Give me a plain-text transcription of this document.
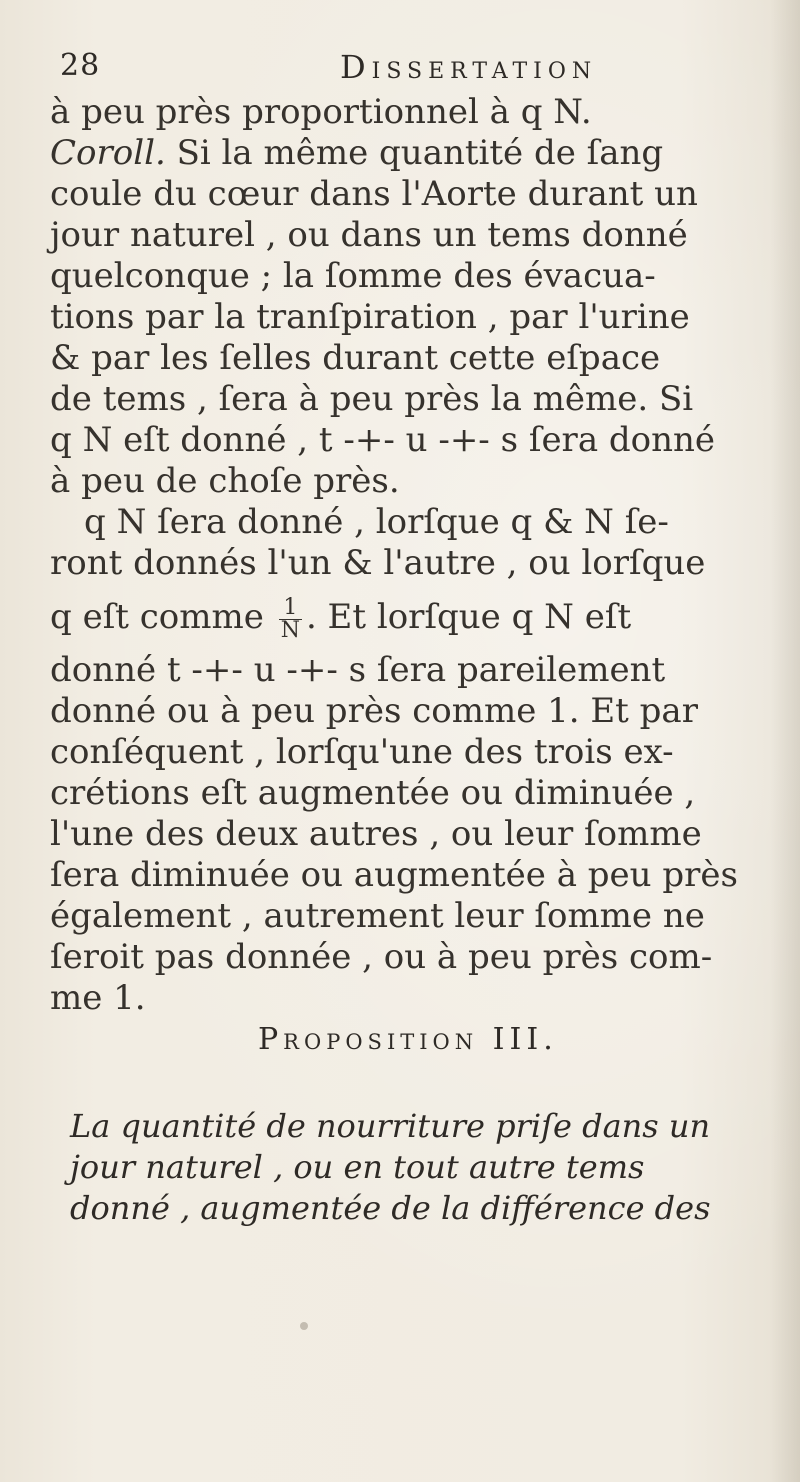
28	Dissertation
à peu près proportionnel à q N.
Coroll. Si la même quantité de ſang
coule du cœur dans l'Aorte durant un
jour naturel , ou dans un tems donné
quelconque ; la ſomme des évacua-
tions par la tranſpiration , par l'urine
& par les ſelles durant cette eſpace
de tems , ſera à peu près la même. Si
q N eſt donné , t -+- u -+- s ſera donné
à peu de choſe près.
q N ſera donné , lorſque q & N ſe-
ront donnés l'un & l'autre , ou lorſque
q eſt comme $\frac{1}{N}$ . Et lorſque q N eſt
donné t -+- u -+- s ſera pareilement
donné ou à peu près comme 1. Et par
conſéquent , lorſqu'une des trois ex-
crétions eſt augmentée ou diminuée ,
l'une des deux autres , ou leur ſomme
ſera diminuée ou augmentée à peu près
également , autrement leur ſomme ne
ſeroit pas donnée , ou à peu près com-
me 1.
Proposition III.
La quantité de nourriture priſe dans un
jour naturel , ou en tout autre tems
donné , augmentée de la différence des
